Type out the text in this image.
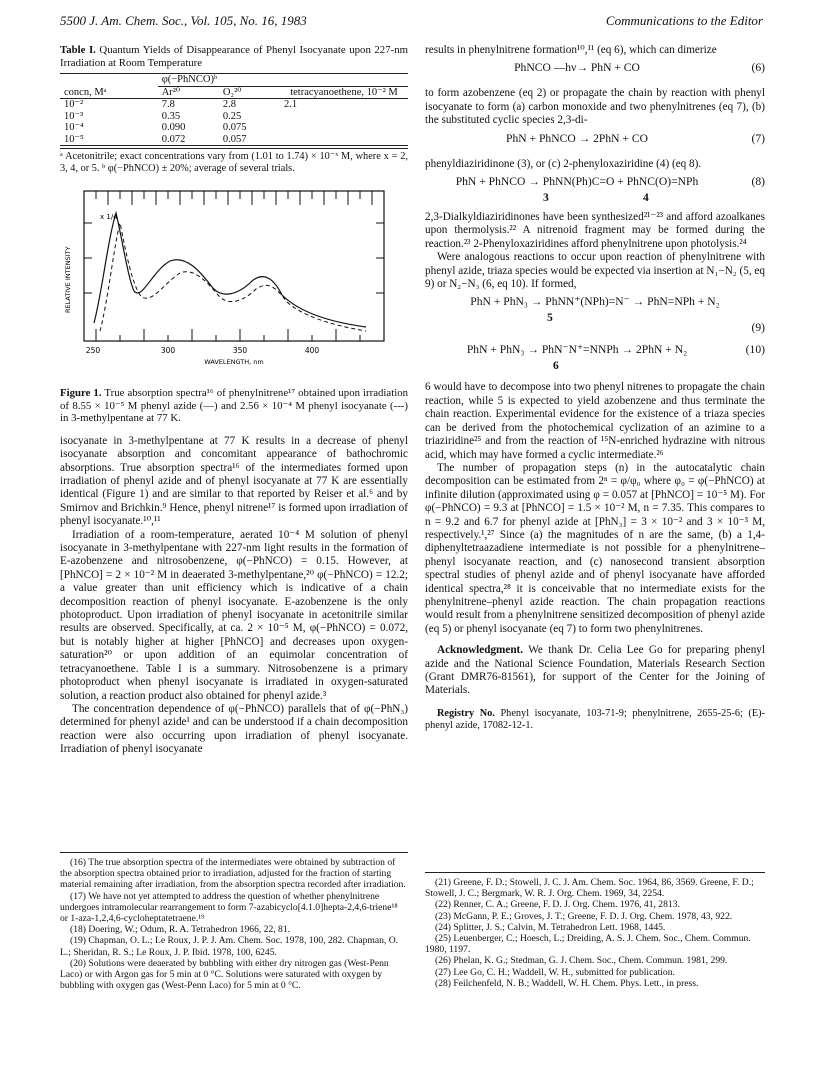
5500 J. Am. Chem. Soc., Vol. 105, No. 16, 1983	Communications to the Editor
Table I. Quantum Yields of Disappearance of Phenyl Isocyanate upon 227-nm Irradiation at Room Temperature
	φ(−PhNCO)ᵇ		
concn, Mᵃ	Ar²⁰	O₂²⁰	tetracyanoethene, 10⁻² M
10⁻²	7.8	2.8	2.1
10⁻³	0.35	0.25	
10⁻⁴	0.090	0.075	
10⁻⁵	0.072	0.057	
ᵃ Acetonitrile; exact concentrations vary from (1.01 to 1.74) × 10⁻ˣ M, where x = 2, 3, 4, or 5. ᵇ φ(−PhNCO) ± 20%; average of several trials.
x 1/4
RELATIVE INTENSITY
250	300	350	400
WAVELENGTH, nm
Figure 1. True absorption spectra¹⁶ of phenylnitrene¹⁷ obtained upon irradiation of 8.55 × 10⁻⁵ M phenyl azide (—) and 2.56 × 10⁻⁴ M phenyl isocyanate (---) in 3-methylpentane at 77 K.

isocyanate in 3-methylpentane at 77 K results in a decrease of phenyl isocyanate absorption and concomitant appearance of bathochromic absorptions. True absorption spectra¹⁶ of the intermediates formed upon irradiation of phenyl azide and of phenyl isocyanate at 77 K are essentially identical (Figure 1) and are similar to that reported by Reiser et al.⁶ and by Smirnov and Brichkin.⁹ Hence, phenyl nitrene¹⁷ is formed upon irradiation of phenyl isocyanate.¹⁰,¹¹

Irradiation of a room-temperature, aerated 10⁻⁴ M solution of phenyl isocyanate in 3-methylpentane with 227-nm light results in the formation of E-azobenzene and nitrosobenzene, φ(−PhNCO) = 0.15. However, at [PhNCO] = 2 × 10⁻² M in deaerated 3-methylpentane,²⁰ φ(−PhNCO) = 12.2; a value greater than unit efficiency which is indicative of a chain decomposition reaction of phenyl isocyanate. E-azobenzene is the only photoproduct. Upon irradiation of phenyl isocyanate in acetonitrile similar results are observed. Specifically, at ca. 2 × 10⁻⁵ M, φ(−PhNCO) = 0.072, but is notably higher at higher [PhNCO] and decreases upon oxygen-saturation²⁰ or upon addition of an equimolar concentration of tetracyanoethene. Table I is a summary. Nitrosobenzene is a primary photoproduct when phenyl isocyanate is irradiated in oxygen-saturated solution, a reaction product also obtained for phenyl azide.³

The concentration dependence of φ(−PhNCO) parallels that of φ(−PhN₃) determined for phenyl azide¹ and can be understood if a chain decomposition reaction were also occurring upon irradiation of phenyl isocyanate. Irradiation of phenyl isocyanate

(16) The true absorption spectra of the intermediates were obtained by subtraction of the absorption spectra obtained prior to irradiation, adjusted for the fraction of starting material remaining after irradiation, from the absorption spectra recorded after irradiation.
(17) We have not yet attempted to address the question of whether phenylnitrene undergoes intramolecular rearrangement to form 7-azabicyclo[4.1.0]hepta-2,4,6-triene¹⁸ or 1-aza-1,2,4,6-cycloheptatetraene.¹⁹
(18) Doering, W.; Odum, R. A. Tetrahedron 1966, 22, 81.
(19) Chapman, O. L.; Le Roux, J. P. J. Am. Chem. Soc. 1978, 100, 282. Chapman, O. L.; Sheridan, R. S.; Le Roux, J. P. Ibid. 1978, 100, 6245.
(20) Solutions were deaerated by bubbling with either dry nitrogen gas (West-Penn Laco) or with Argon gas for 5 min at 0 °C. Solutions were saturated with oxygen by bubbling with oxygen gas (West-Penn Laco) for 5 min at 0 °C.

results in phenylnitrene formation¹⁰,¹¹ (eq 6), which can dimerize

PhNCO —hν→ PhN + CO	(6)

to form azobenzene (eq 2) or propagate the chain by reaction with phenyl isocyanate to form (a) carbon monoxide and two phenylnitrenes (eq 7), (b) the substituted cyclic species 2,3-di-

PhN + PhNCO → 2PhN + CO	(7)

phenyldiaziridinone (3), or (c) 2-phenyloxaziridine (4) (eq 8).

PhN + PhNCO → PhNN(Ph)C=O + PhNC(O)=NPh	(8)
3	4

2,3-Dialkyldiaziridinones have been synthesized²¹⁻²³ and afford azoalkanes upon thermolysis.²² A nitrenoid fragment may be formed during the reaction.²³ 2-Phenyloxaziridines afford phenylnitrene upon photolysis.²⁴

Were analogous reactions to occur upon reaction of phenylnitrene with phenyl azide, triaza species would be expected via insertion at N₁−N₂ (5, eq 9) or N₂−N₃ (6, eq 10). If formed,

PhN + PhN₃ → PhNN⁺(NPh)=N⁻ → PhN=NPh + N₂
5
(9)
PhN + PhN₃ → PhN⁻N⁺=NNPh → 2PhN + N₂	(10)
6

6 would have to decompose into two phenyl nitrenes to propagate the chain reaction, while 5 is expected to yield azobenzene and thus terminate the chain reaction. Experimental evidence for the existence of a triaza species can be derived from the photochemical cyclization of an azimine to a triaziridine²⁵ and from the reaction of ¹⁵N-enriched hydrazine with nitrous acid, which may have formed a cyclic intermediate.²⁶

The number of propagation steps (n) in the autocatalytic chain decomposition can be estimated from 2ⁿ = φ/φ₀ where φ₀ = φ(−PhNCO) at infinite dilution (approximated using φ = 0.057 at [PhNCO] = 10⁻⁵ M). For φ(−PhNCO) = 9.3 at [PhNCO] = 1.5 × 10⁻² M, n = 7.35. This compares to n = 9.2 and 6.7 for phenyl azide at [PhN₃] = 3 × 10⁻² and 3 × 10⁻³ M, respectively.¹,²⁷ Since (a) the magnitudes of n are the same, (b) a 1,4-diphenyltetraazadiene intermediate is not possible for a phenylnitrene–phenyl isocyanate reaction, and (c) nanosecond transient absorption spectral studies of phenyl azide and of phenyl isocyanate have afforded identical spectra,²⁸ it is conceivable that no intermediate exists for the phenylnitrene–phenyl azide reaction. The chain propagation reactions would result from a phenylnitrene sensitized decomposition of phenyl azide (eq 5) or phenyl isocyanate (eq 7) to form two phenylnitrenes.

Acknowledgment. We thank Dr. Celia Lee Go for preparing phenyl azide and the National Science Foundation, Materials Research Section (Grant DMR76-81561), for support of the Center for the Joining of Materials.

Registry No. Phenyl isocyanate, 103-71-9; phenylnitrene, 2655-25-6; (E)-phenyl azide, 17082-12-1.

(21) Greene, F. D.; Stowell, J. C. J. Am. Chem. Soc. 1964, 86, 3569. Greene, F. D.; Stowell, J. C.; Bergmark, W. R. J. Org. Chem. 1969, 34, 2254.
(22) Renner, C. A.; Greene, F. D. J. Org. Chem. 1976, 41, 2813.
(23) McGann, P. E.; Groves, J. T.; Greene, F. D. J. Org. Chem. 1978, 43, 922.
(24) Splitter, J. S.; Calvin, M. Tetrahedron Lett. 1968, 1445.
(25) Leuenberger, C.; Hoesch, L.; Dreiding, A. S. J. Chem. Soc., Chem. Commun. 1980, 1197.
(26) Phelan, K. G.; Stedman, G. J. Chem. Soc., Chem. Commun. 1981, 299.
(27) Lee Go, C. H.; Waddell, W. H., submitted for publication.
(28) Feilchenfeld, N. B.; Waddell, W. H. Chem. Phys. Lett., in press.
